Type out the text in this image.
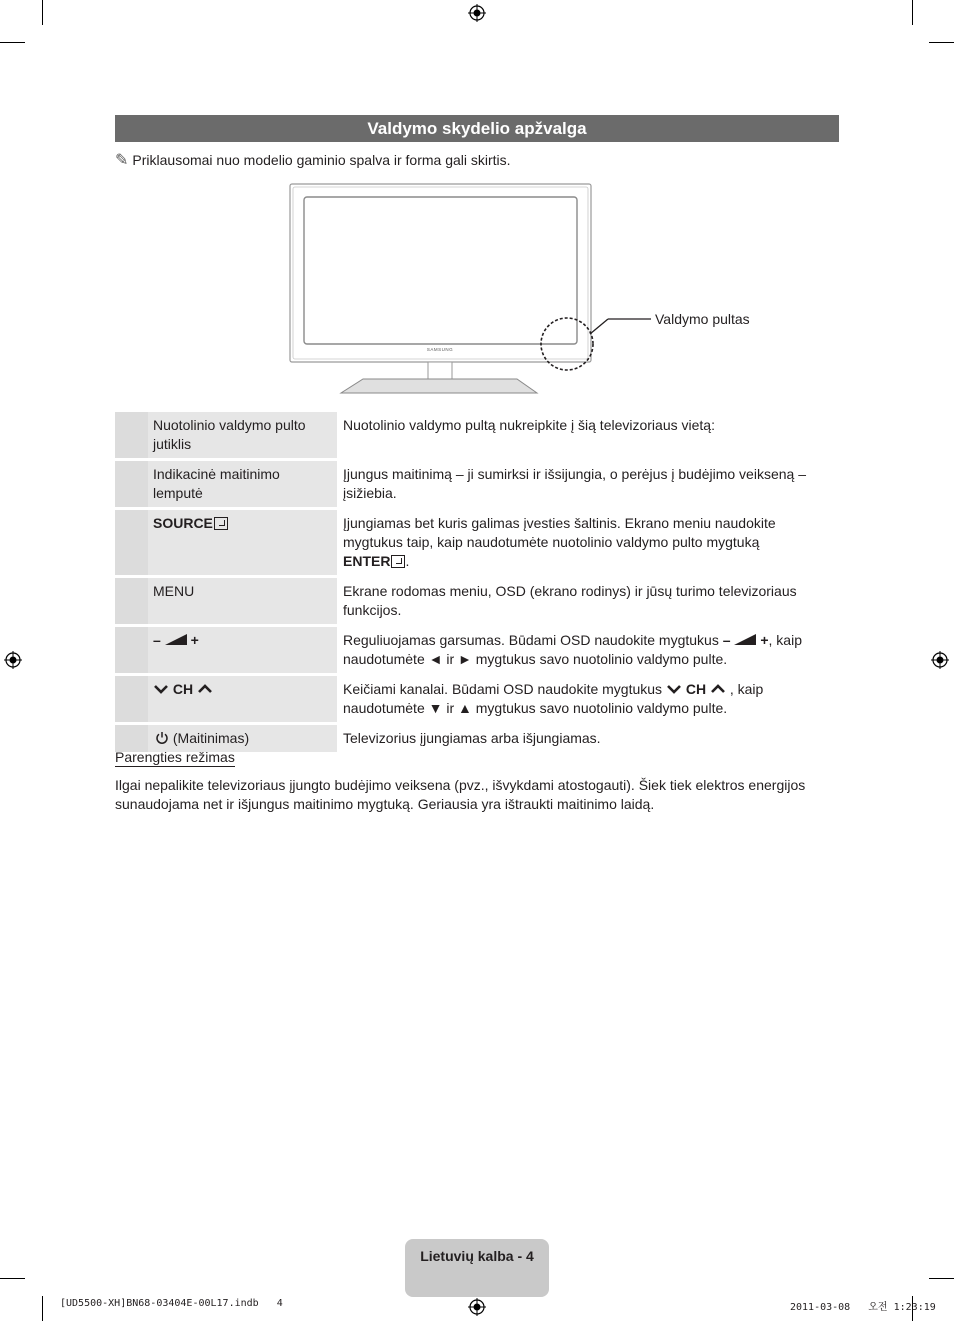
Valdymo skydelio apžvalga
✎ Priklausomai nuo modelio gaminio spalva ir forma gali skirtis.
SAMSUNG
Valdymo pultas
	Nuotolinio valdymo pulto jutiklis	Nuotolinio valdymo pultą nukreipkite į šią televizoriaus vietą:
	Indikacinė maitinimo lemputė	Įjungus maitinimą – ji sumirksi ir išsijungia, o perėjus į budėjimo veikseną – įsižiebia.
	SOURCE	Įjungiamas bet kuris galimas įvesties šaltinis. Ekrano meniu naudokite mygtukus taip, kaip naudotumėte nuotolinio valdymo pulto mygtuką
ENTER .
	MENU	Ekrane rodomas meniu, OSD (ekrano rodinys) ir jūsų turimo televizoriaus funkcijos.
	–  +	Reguliuojamas garsumas. Būdami OSD naudokite mygtukus –  +, kaip naudotumėte ◄ ir ► mygtukus savo nuotolinio valdymo pulte.
	CH	Keičiami kanalai. Būdami OSD naudokite mygtukus CH , kaip naudotumėte ▼ ir ▲ mygtukus savo nuotolinio valdymo pulte.
	(Maitinimas)	Televizorius įjungiamas arba išjungiamas.
Parengties režimas
Ilgai nepalikite televizoriaus įjungto budėjimo veiksena (pvz., išvykdami atostogauti). Šiek tiek elektros energijos sunaudojama net ir išjungus maitinimo mygtuką. Geriausia yra ištraukti maitinimo laidą.
Lietuvių kalba - 4
[UD5500-XH]BN68-03404E-00L17.indb   4	2011-03-08   오전 1:23:19
